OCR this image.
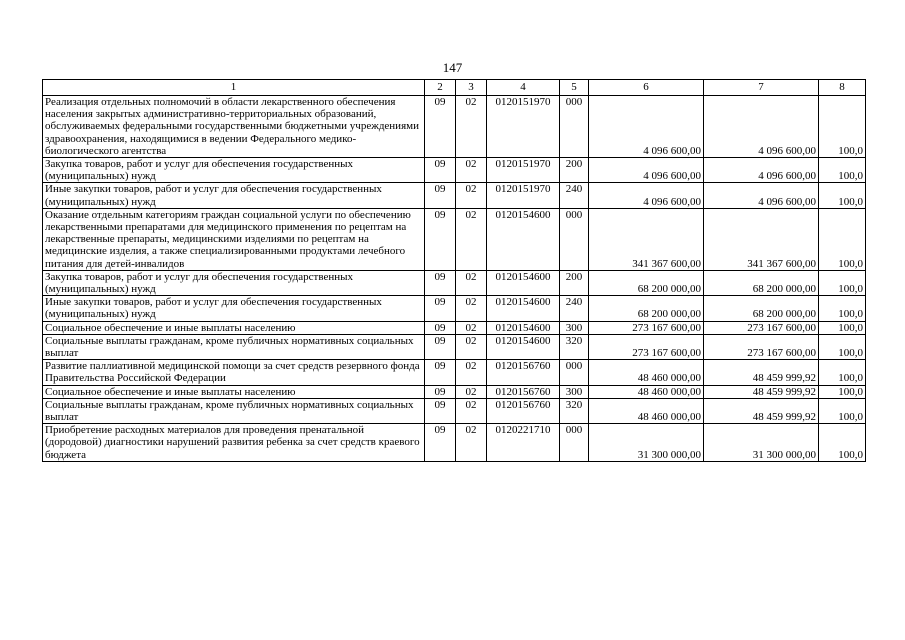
147
1	2	3	4	5	6	7	8
Реализация отдельных полномочий в области лекарственного обеспечения населения закрытых административно-территориальных образований, обслуживаемых федеральными государственными бюджетными учреждениями здравоохранения, находящимися в ведении Федерального медико-биологического агентства	09	02	0120151970	000	4 096 600,00	4 096 600,00	100,0
Закупка товаров, работ и услуг для обеспечения государственных (муниципальных) нужд	09	02	0120151970	200	4 096 600,00	4 096 600,00	100,0
Иные закупки товаров, работ и услуг для обеспечения государственных (муниципальных) нужд	09	02	0120151970	240	4 096 600,00	4 096 600,00	100,0
Оказание отдельным категориям граждан социальной услуги по обеспечению лекарственными препаратами для медицинского применения по рецептам на лекарственные препараты, медицинскими изделиями по рецептам на медицинские изделия, а также специализированными продуктами лечебного питания для детей-инвалидов	09	02	0120154600	000	341 367 600,00	341 367 600,00	100,0
Закупка товаров, работ и услуг для обеспечения государственных (муниципальных) нужд	09	02	0120154600	200	68 200 000,00	68 200 000,00	100,0
Иные закупки товаров, работ и услуг для обеспечения государственных (муниципальных) нужд	09	02	0120154600	240	68 200 000,00	68 200 000,00	100,0
Социальное обеспечение и иные выплаты населению	09	02	0120154600	300	273 167 600,00	273 167 600,00	100,0
Социальные выплаты гражданам, кроме публичных нормативных социальных выплат	09	02	0120154600	320	273 167 600,00	273 167 600,00	100,0
Развитие паллиативной медицинской помощи за счет средств резервного фонда Правительства Российской Федерации	09	02	0120156760	000	48 460 000,00	48 459 999,92	100,0
Социальное обеспечение и иные выплаты населению	09	02	0120156760	300	48 460 000,00	48 459 999,92	100,0
Социальные выплаты гражданам, кроме публичных нормативных социальных выплат	09	02	0120156760	320	48 460 000,00	48 459 999,92	100,0
Приобретение расходных материалов для проведения пренатальной (дородовой) диагностики нарушений развития ребенка за счет средств краевого бюджета	09	02	0120221710	000	31 300 000,00	31 300 000,00	100,0
